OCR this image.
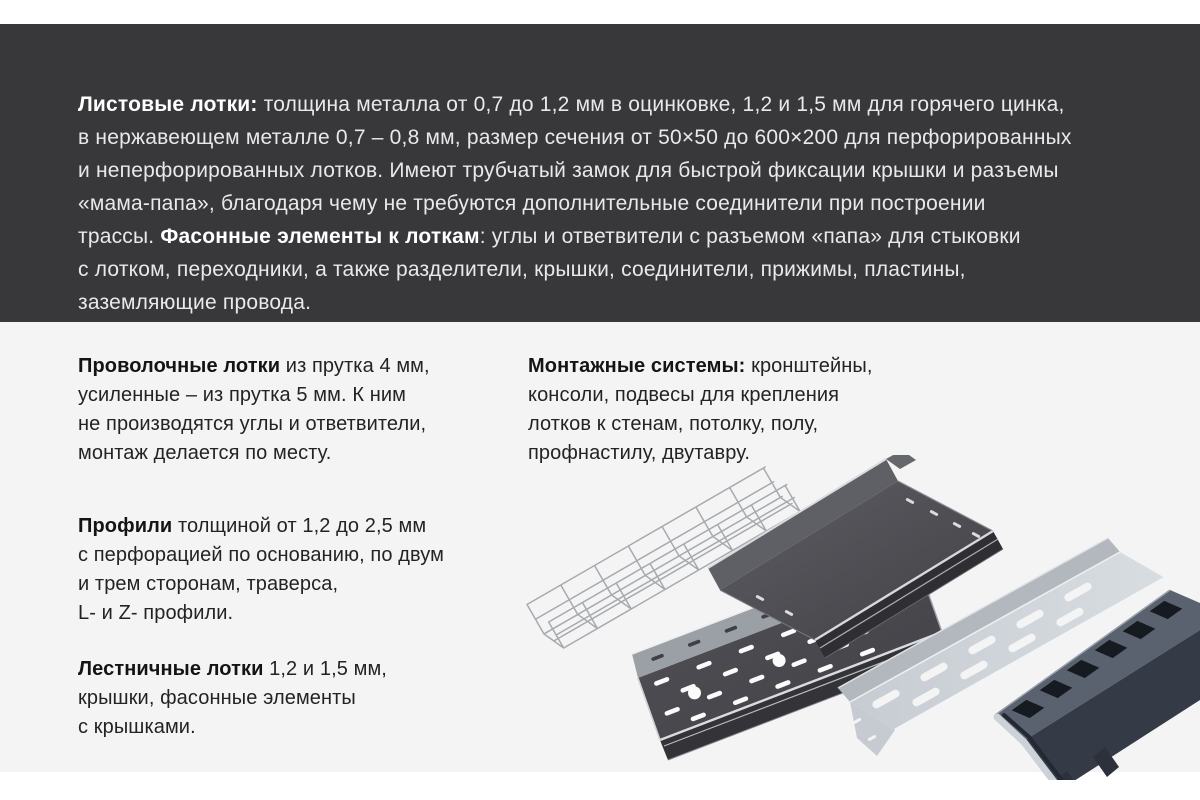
Листовые лотки: толщина металла от 0,7 до 1,2 мм в оцинковке, 1,2 и 1,5 мм для горячего цинка,
в нержавеющем металле 0,7 – 0,8 мм, размер сечения от 50×50 до 600×200 для перфорированных
и неперфорированных лотков. Имеют трубчатый замок для быстрой фиксации крышки и разъемы
«мама-папа», благодаря чему не требуются дополнительные соединители при построении
трассы. Фасонные элементы к лоткам: углы и ответвители с разъемом «папа» для стыковки
с лотком, переходники, а также разделители, крышки, соединители, прижимы, пластины,
заземляющие провода.
Проволочные лотки из прутка 4 мм,
усиленные – из прутка 5 мм. К ним
не производятся углы и ответвители,
монтаж делается по месту.
Профили толщиной от 1,2 до 2,5 мм
с перфорацией по основанию, по двум
и трем сторонам, траверса,
L- и Z- профили.
Лестничные лотки 1,2 и 1,5 мм,
крышки, фасонные элементы
с крышками.
Монтажные системы: кронштейны,
консоли, подвесы для крепления
лотков к стенам, потолку, полу,
профнастилу, двутавру.
